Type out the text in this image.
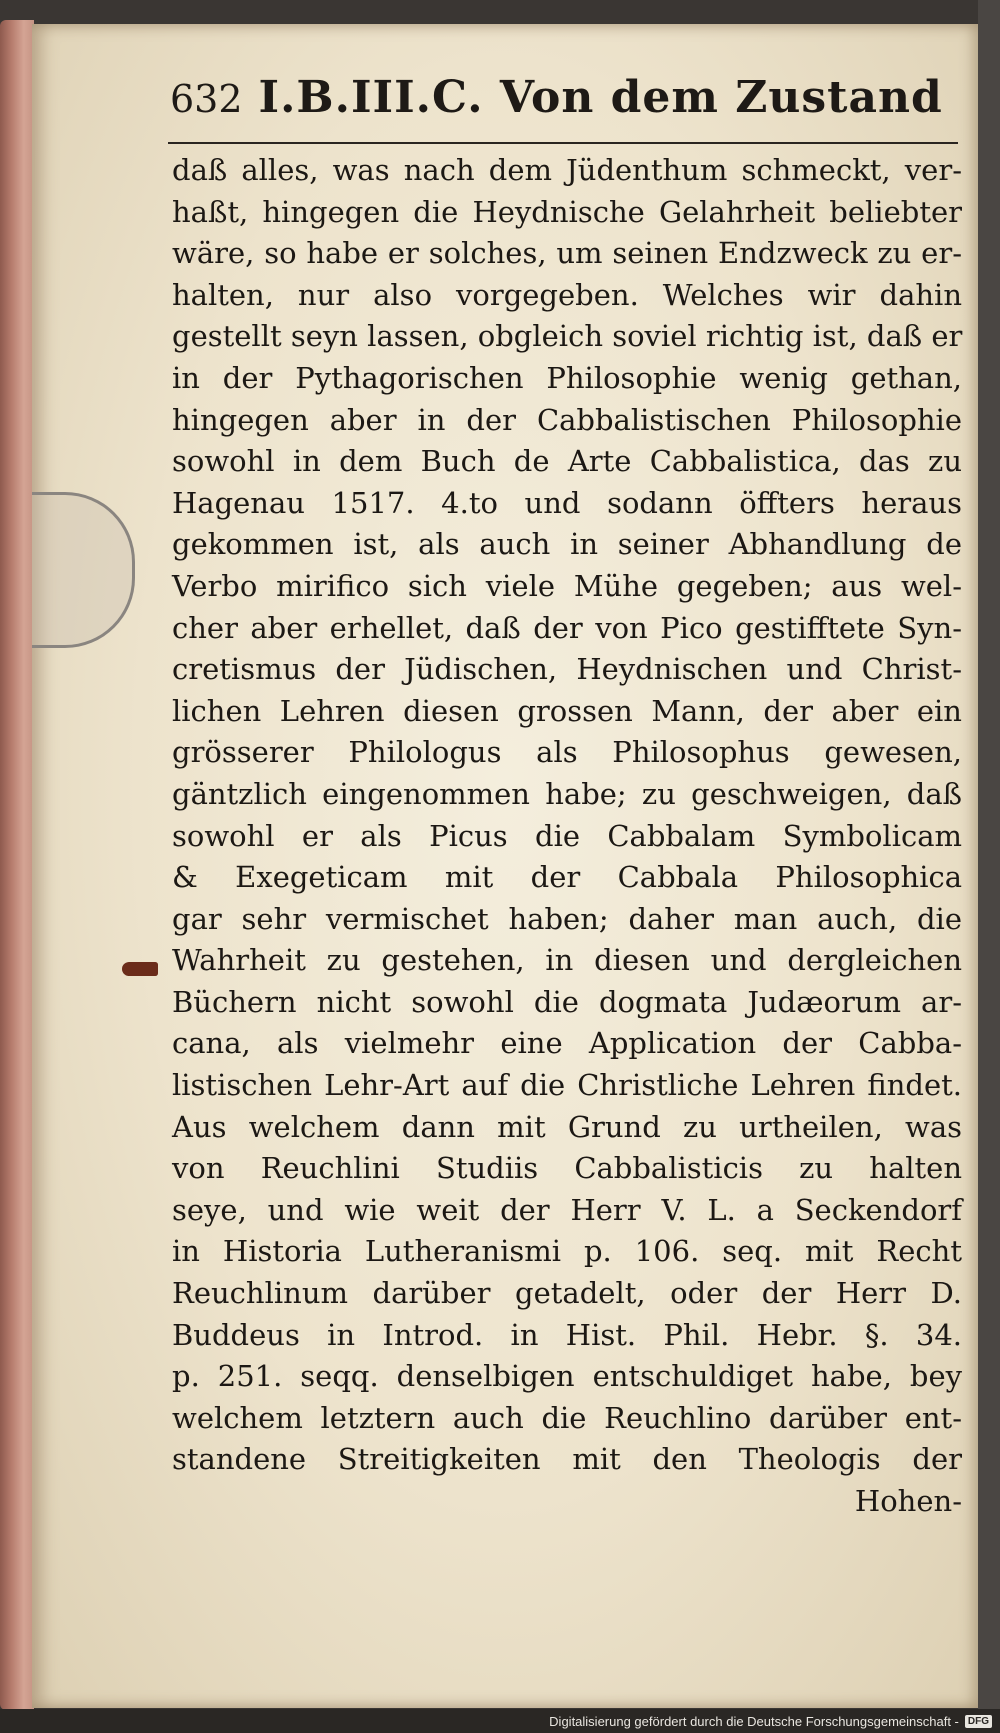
632 I.B.III.C. Von dem Zustand
daß alles, was nach dem Jüdenthum schmeckt, ver-
haßt, hingegen die Heydnische Gelahrheit beliebter
wäre, so habe er solches, um seinen Endzweck zu er-
halten, nur also vorgegeben. Welches wir dahin
gestellt seyn lassen, obgleich soviel richtig ist, daß er
in der Pythagorischen Philosophie wenig gethan,
hingegen aber in der Cabbalistischen Philosophie
sowohl in dem Buch de Arte Cabbalistica, das zu
Hagenau 1517. 4.to und sodann öffters heraus
gekommen ist, als auch in seiner Abhandlung de
Verbo mirifico sich viele Mühe gegeben; aus wel-
cher aber erhellet, daß der von Pico gestifftete Syn-
cretismus der Jüdischen, Heydnischen und Christ-
lichen Lehren diesen grossen Mann, der aber ein
grösserer Philologus als Philosophus gewesen,
gäntzlich eingenommen habe; zu geschweigen, daß
sowohl er als Picus die Cabbalam Symbolicam
& Exegeticam mit der Cabbala Philosophica
gar sehr vermischet haben; daher man auch, die
Wahrheit zu gestehen, in diesen und dergleichen
Büchern nicht sowohl die dogmata Judæorum ar-
cana, als vielmehr eine Application der Cabba-
listischen Lehr-Art auf die Christliche Lehren findet.
Aus welchem dann mit Grund zu urtheilen, was
von Reuchlini Studiis Cabbalisticis zu halten
seye, und wie weit der Herr V. L. a Seckendorf
in Historia Lutheranismi p. 106. seq. mit Recht
Reuchlinum darüber getadelt, oder der Herr D.
Buddeus in Introd. in Hist. Phil. Hebr. §. 34.
p. 251. seqq. denselbigen entschuldiget habe, bey
welchem letztern auch die Reuchlino darüber ent-
standene Streitigkeiten mit den Theologis der
Hohen-
Digitalisierung gefördert durch die Deutsche Forschungsgemeinschaft - DFG
